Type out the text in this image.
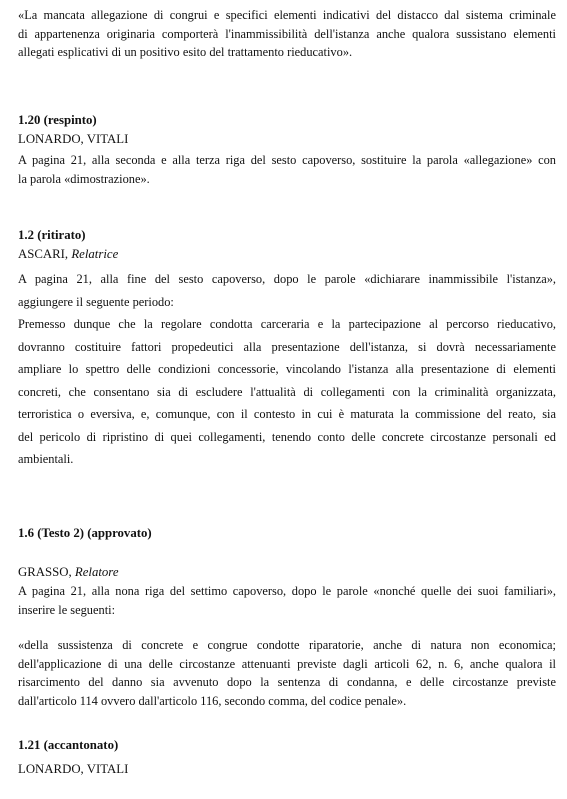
«La mancata allegazione di congrui e specifici elementi indicativi del distacco dal sistema criminale

di appartenenza originaria comporterà l'inammissibilità dell'istanza anche qualora sussistano elementi

allegati esplicativi di un positivo esito del trattamento rieducativo».

1.20 (respinto)

LONARDO, VITALI

A pagina 21, alla seconda e alla terza riga del sesto capoverso, sostituire la parola «allegazione» con

la parola «dimostrazione».

1.2 (ritirato)

ASCARI, Relatrice

A pagina 21, alla fine del sesto capoverso, dopo le parole «dichiarare inammissibile l'istanza»,

aggiungere il seguente periodo:

Premesso dunque che la regolare condotta carceraria e la partecipazione al percorso rieducativo,

dovranno costituire fattori propedeutici alla presentazione dell'istanza, si dovrà necessariamente

ampliare lo spettro delle condizioni concessorie, vincolando l'istanza alla presentazione di elementi

concreti, che consentano sia di escludere l'attualità di collegamenti con la criminalità organizzata,

terroristica o eversiva, e, comunque, con il contesto in cui è maturata la commissione del reato, sia

del pericolo di ripristino di quei collegamenti, tenendo conto delle concrete circostanze personali ed

ambientali.

1.6 (Testo 2) (approvato)

GRASSO, Relatore

A pagina 21, alla nona riga del settimo capoverso, dopo le parole «nonché quelle dei suoi familiari»,

inserire le seguenti:

«della sussistenza di concrete e congrue condotte riparatorie, anche di natura non economica;

dell'applicazione di una delle circostanze attenuanti previste dagli articoli 62, n. 6, anche qualora il

risarcimento del danno sia avvenuto dopo la sentenza di condanna, e delle circostanze previste

dall'articolo 114 ovvero dall'articolo 116, secondo comma, del codice penale».

1.21 (accantonato)

LONARDO, VITALI
